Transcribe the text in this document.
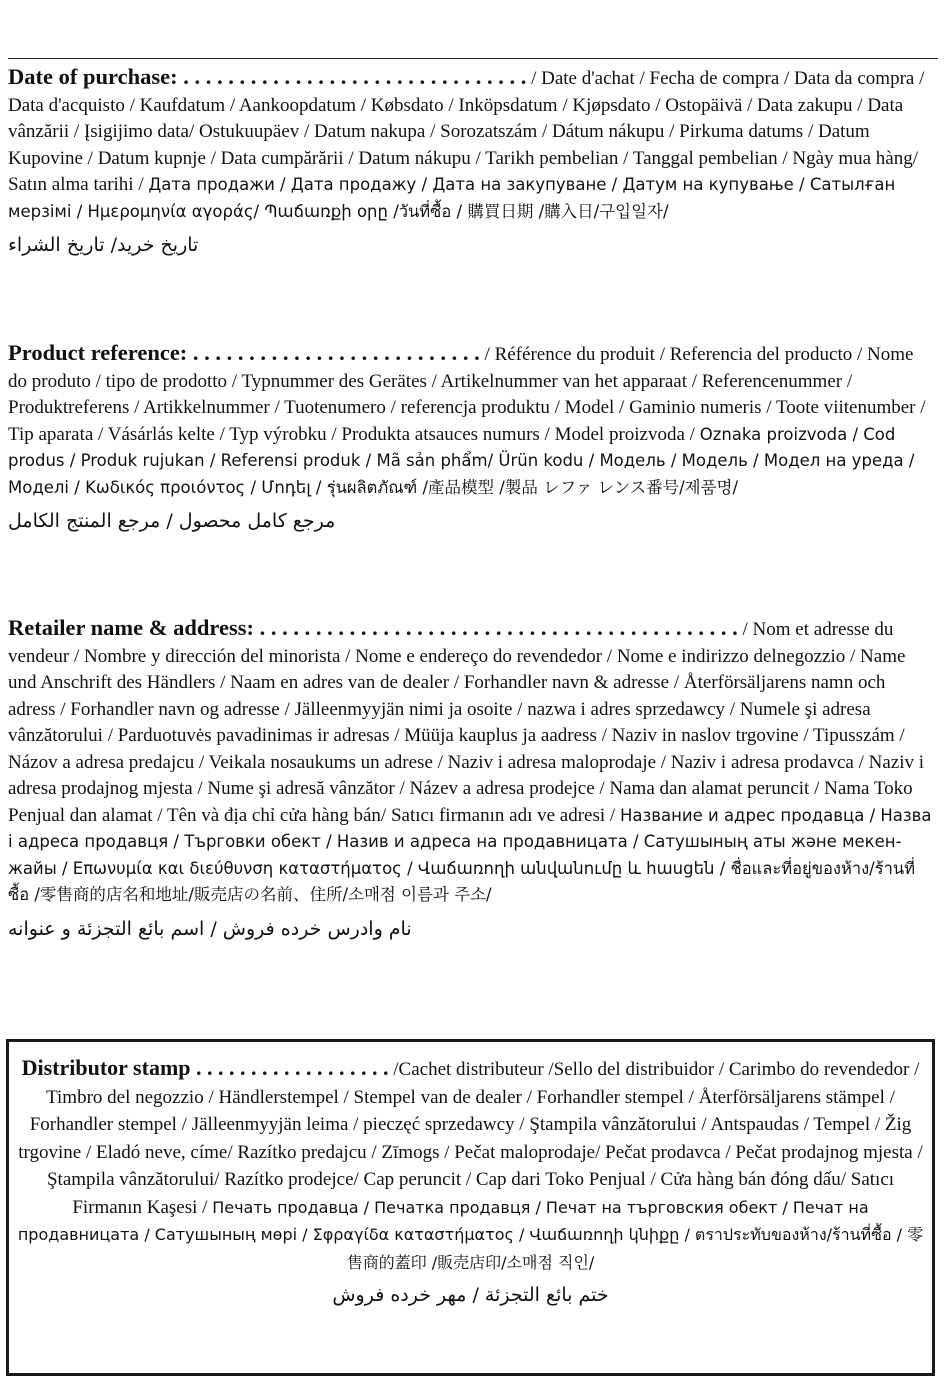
Date of purchase: . . . . . . . . . . . . . . . . . . . . . . . . . . . . . . . / Date d'achat / Fecha de compra / Data da compra / Data d'acquisto / Kaufdatum / Aankoopdatum / Købsdato / Inköpsdatum / Kjøpsdato / Ostopäivä / Data zakupu / Data vânzării / Įsigijimo data/ Ostukuupäev / Datum nakupa / Sorozatszám / Dátum nákupu / Pirkuma datums / Datum Kupovine / Datum kupnje / Data cumpărării / Datum nákupu / Tarikh pembelian / Tanggal pembelian / Ngày mua hàng/ Satın alma tarihi / Дата продажи / Дата продажу / Дата на закупуване / Датум на купување / Сатылған мерзімі / Ημερομηνία αγοράς/ Պաճառքի օրը /วันที่ซื้อ / 購買日期 /購入日/구입일자/
تاريخ خريد/ تاريخ الشراء
Product reference: . . . . . . . . . . . . . . . . . . . . . . . . . . / Référence du produit / Referencia del producto / Nome do produto / tipo de prodotto / Typnummer des Gerätes / Artikelnummer van het apparaat / Referencenummer / Produktreferens / Artikkelnummer / Tuotenumero / referencja produktu / Model / Gaminio numeris / Toote viitenumber / Tip aparata / Vásárlás kelte / Typ výrobku / Produkta atsauces numurs / Model proizvoda / Oznaka proizvoda / Cod produs / Produk rujukan / Referensi produk / Mã sản phẩm/ Ürün kodu / Модель / Модель / Модел на уреда / Моделі / Κωδικός προιόντος / Մոդել / รุ่นผลิตภัณฑ์ /產品模型 /製品 レファ レンス番号/제품명/
مرجع كامل محصول / مرجع المنتج الكامل
Retailer name & address: . . . . . . . . . . . . . . . . . . . . . . . . . . . . . . . . . . . . . . . . . . . / Nom et adresse du vendeur / Nombre y dirección del minorista / Nome e endereço do revendedor / Nome e indirizzo delnegozzio / Name und Anschrift des Händlers / Naam en adres van de dealer / Forhandler navn & adresse / Återförsäljarens namn och adress / Forhandler navn og adresse / Jälleenmyyjän nimi ja osoite / nazwa i adres sprzedawcy / Numele şi adresa vânzătorului / Parduotuvės pavadinimas ir adresas / Müüja kauplus ja aadress / Naziv in naslov trgovine / Tipusszám / Názov a adresa predajcu / Veikala nosaukums un adrese / Naziv i adresa maloprodaje / Naziv i adresa prodavca / Naziv i adresa prodajnog mjesta / Nume şi adresă vânzător / Název a adresa prodejce / Nama dan alamat peruncit / Nama Toko Penjual dan alamat / Tên và địa chỉ cửa hàng bán/ Satıcı firmanın adı ve adresi / Название и адрес продавца / Назва і адреса продавця / Търговки обект / Назив и адреса на продавницата / Сатушының аты және мекен-жайы / Επωνυμία και διεύθυνση καταστήματος / Վաճառողի անվանումը և հասցեն / ชื่อและที่อยู่ของห้าง/ร้านที่ซื้อ /零售商的店名和地址/販売店の名前、住所/소매점 이름과 주소/
نام وادرس خرده فروش / اسم بائع التجزئة و عنوانه
Distributor stamp . . . . . . . . . . . . . . . . . . /Cachet distributeur /Sello del distribuidor / Carimbo do revendedor / Timbro del negozzio / Händlerstempel / Stempel van de dealer / Forhandler stempel / Återförsäljarens stämpel / Forhandler stempel / Jälleenmyyjän leima / pieczęć sprzedawcy / Ştampila vânzătorului / Antspaudas / Tempel / Žig trgovine / Eladó neve, címe/ Razítko predajcu / Zīmogs / Pečat maloprodaje/ Pečat prodavca / Pečat prodajnog mjesta / Ştampila vânzătorului/ Razítko prodejce/ Cap peruncit / Cap dari Toko Penjual / Cửa hàng bán đóng dấu/ Satıcı Firmanın Kaşesi / Печать продавца / Печатка продавця / Печат на търговския обект / Печат на продавницата / Сатушының мөрі / Σφραγίδα καταστήματος / Վաճառողի կնիքը / ตราประทับของห้าง/ร้านที่ซื้อ / 零售商的蓋印 /販売店印/소매점 직인/
ختم بائع التجزئة / مهر خرده فروش
